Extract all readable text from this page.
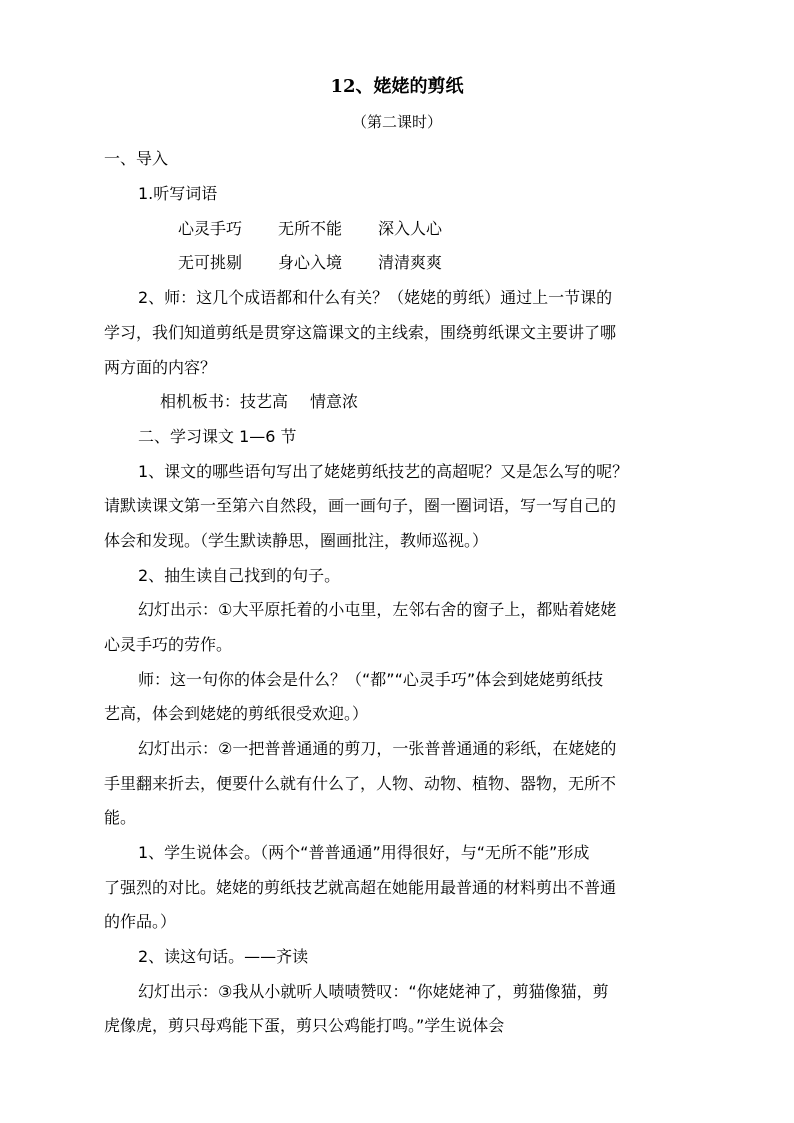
12、姥姥的剪纸

（第二课时）

一、导入

1.听写词语

心灵手巧 无所不能 深入人心

无可挑剔 身心入境 清清爽爽

2、师：这几个成语都和什么有关？（姥姥的剪纸）通过上一节课的

学习，我们知道剪纸是贯穿这篇课文的主线索，围绕剪纸课文主要讲了哪

两方面的内容？

相机板书：技艺高 情意浓

二、学习课文 1—6 节

1、课文的哪些语句写出了姥姥剪纸技艺的高超呢？又是怎么写的呢？

请默读课文第一至第六自然段，画一画句子，圈一圈词语，写一写自己的

体会和发现。（学生默读静思，圈画批注，教师巡视。）

2、抽生读自己找到的句子。

幻灯出示：①大平原托着的小屯里，左邻右舍的窗子上，都贴着姥姥

心灵手巧的劳作。

师：这一句你的体会是什么？（“都”“心灵手巧”体会到姥姥剪纸技

艺高，体会到姥姥的剪纸很受欢迎。）

幻灯出示：②一把普普通通的剪刀，一张普普通通的彩纸，在姥姥的

手里翻来折去，便要什么就有什么了，人物、动物、植物、器物，无所不

能。

1、学生说体会。（两个“普普通通”用得很好，与“无所不能”形成

了强烈的对比。姥姥的剪纸技艺就高超在她能用最普通的材料剪出不普通

的作品。）

2、读这句话。——齐读

幻灯出示：③我从小就听人啧啧赞叹：“你姥姥神了，剪猫像猫，剪

虎像虎，剪只母鸡能下蛋，剪只公鸡能打鸣。”学生说体会
